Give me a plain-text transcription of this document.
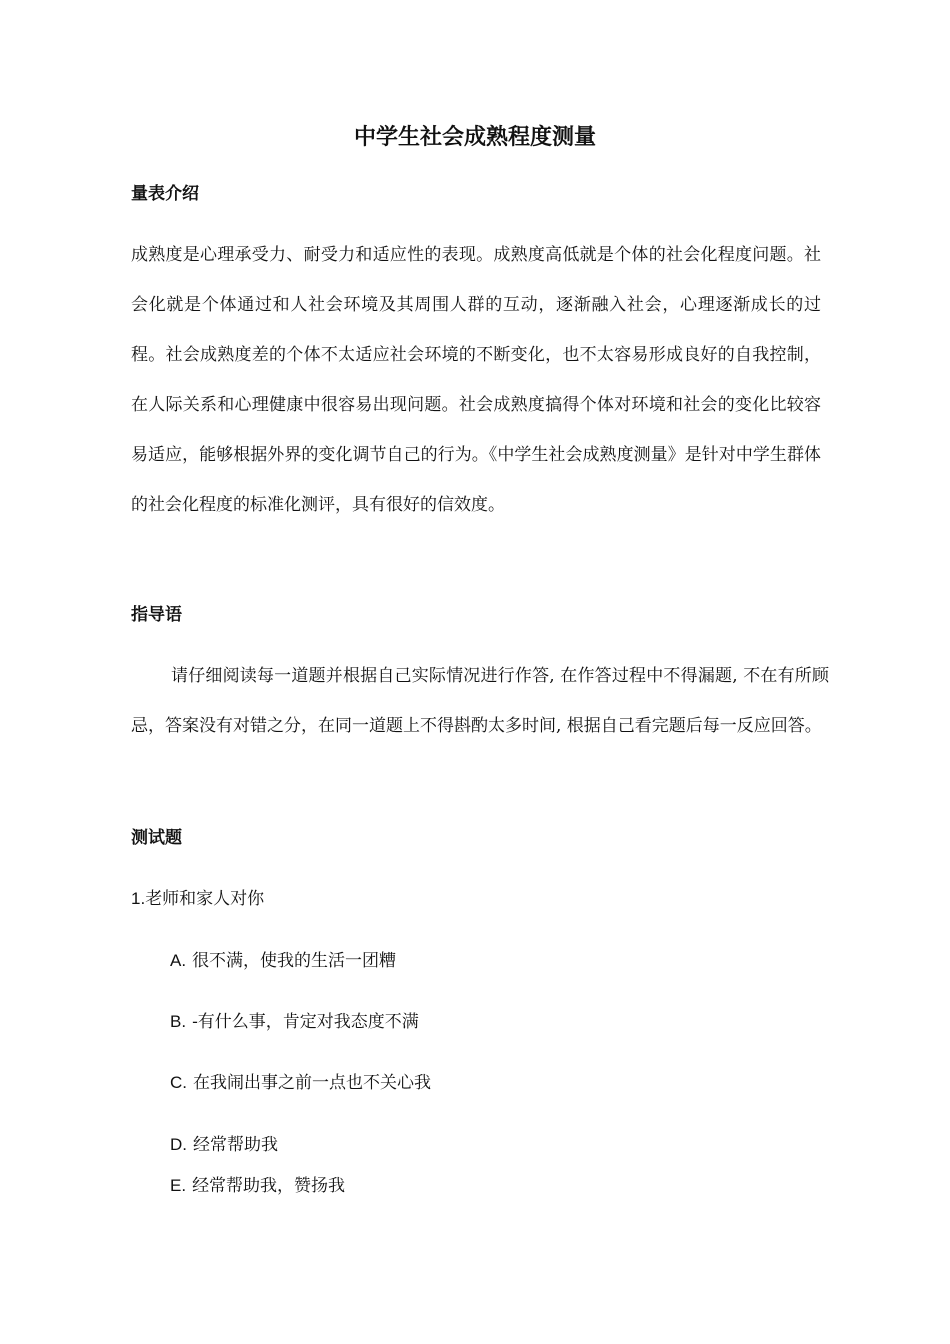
中学生社会成熟程度测量
量表介绍

成熟度是心理承受力、耐受力和适应性的表现。成熟度高低就是个体的社会化程度问题。社会化就是个体通过和人社会环境及其周围人群的互动，逐渐融入社会，心理逐渐成长的过程。社会成熟度差的个体不太适应社会环境的不断变化，也不太容易形成良好的自我控制，在人际关系和心理健康中很容易出现问题。社会成熟度搞得个体对环境和社会的变化比较容易适应，能够根据外界的变化调节自己的行为。《中学生社会成熟度测量》是针对中学生群体的社会化程度的标准化测评，具有很好的信效度。

指导语

请仔细阅读每一道题并根据自己实际情况进行作答, 在作答过程中不得漏题, 不在有所顾忌，答案没有对错之分，在同一道题上不得斟酌太多时间, 根据自己看完题后每一反应回答。

测试题
1.老师和家人对你
A. 很不满，使我的生活一团糟
B. -有什么事，肯定对我态度不满
C. 在我闹出事之前一点也不关心我
D. 经常帮助我
E. 经常帮助我，赞扬我
